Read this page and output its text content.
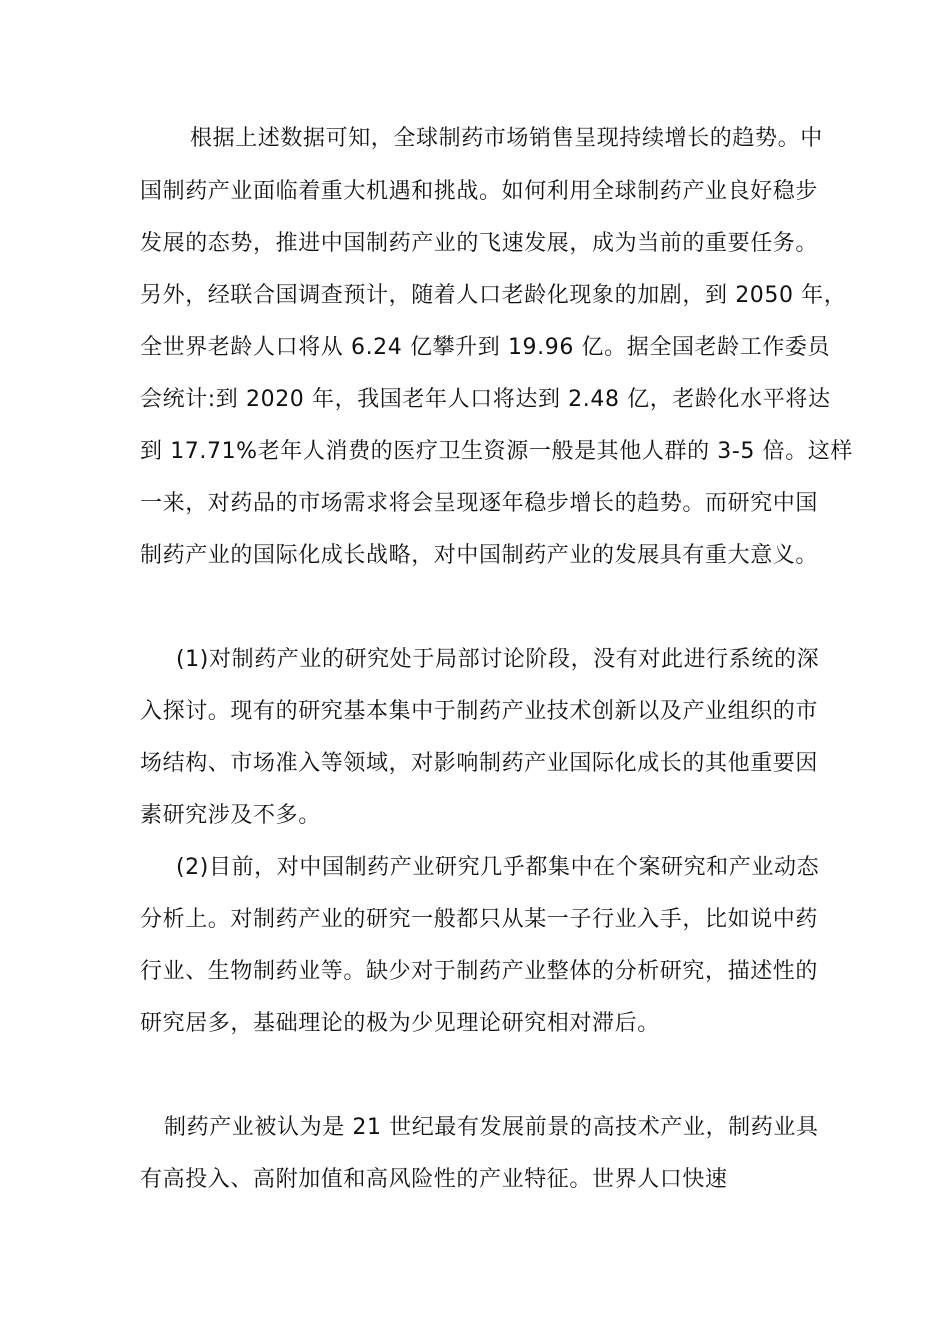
根据上述数据可知，全球制药市场销售呈现持续增长的趋势。中
国制药产业面临着重大机遇和挑战。如何利用全球制药产业良好稳步
发展的态势，推进中国制药产业的飞速发展，成为当前的重要任务。
另外，经联合国调查预计，随着人口老龄化现象的加剧，到 2050 年，
全世界老龄人口将从 6.24 亿攀升到 19.96 亿。据全国老龄工作委员
会统计:到 2020 年，我国老年人口将达到 2.48 亿，老龄化水平将达
到 17.71%老年人消费的医疗卫生资源一般是其他人群的 3-5 倍。这样
一来，对药品的市场需求将会呈现逐年稳步增长的趋势。而研究中国
制药产业的国际化成长战略，对中国制药产业的发展具有重大意义。
(1)对制药产业的研究处于局部讨论阶段，没有对此进行系统的深
入探讨。现有的研究基本集中于制药产业技术创新以及产业组织的市
场结构、市场准入等领域，对影响制药产业国际化成长的其他重要因
素研究涉及不多。
(2)目前，对中国制药产业研究几乎都集中在个案研究和产业动态
分析上。对制药产业的研究一般都只从某一子行业入手，比如说中药
行业、生物制药业等。缺少对于制药产业整体的分析研究，描述性的
研究居多，基础理论的极为少见理论研究相对滞后。
制药产业被认为是 21 世纪最有发展前景的高技术产业，制药业具
有高投入、高附加值和高风险性的产业特征。世界人口快速
